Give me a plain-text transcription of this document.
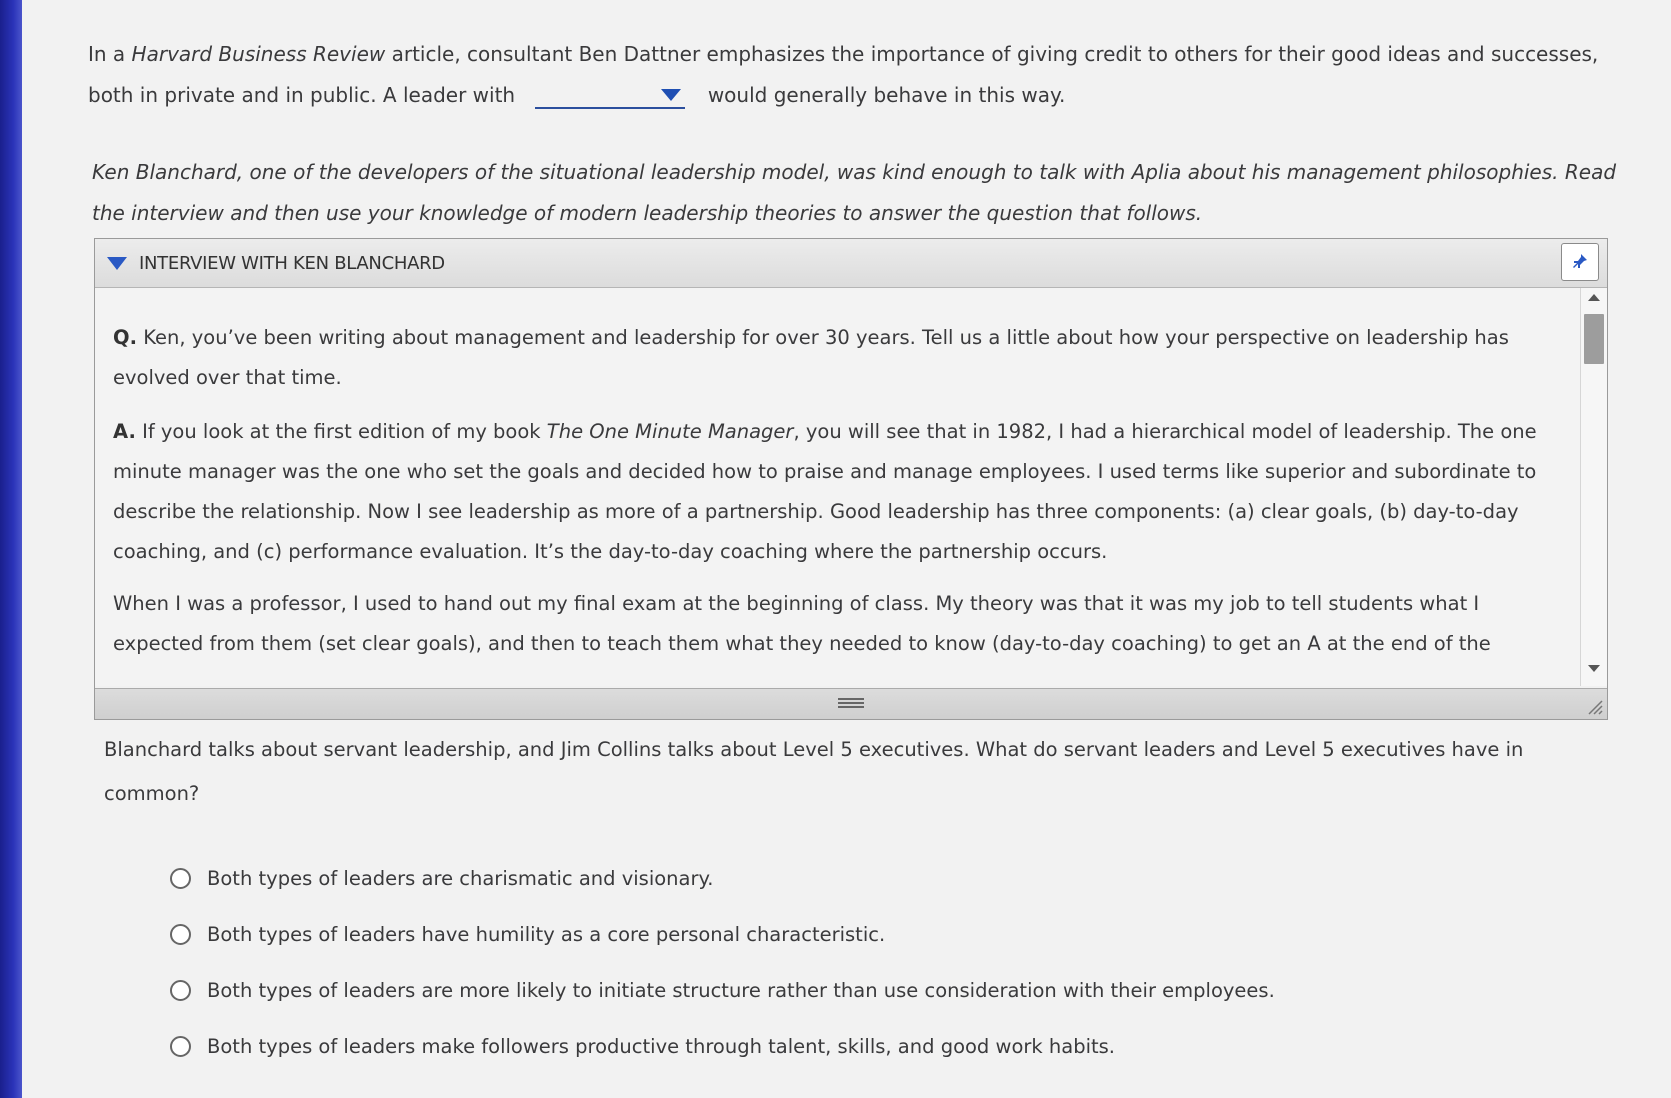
In a Harvard Business Review article, consultant Ben Dattner emphasizes the importance of giving credit to others for their good ideas and successes, both in private and in public. A leader with	would generally behave in this way.
Ken Blanchard, one of the developers of the situational leadership model, was kind enough to talk with Aplia about his management philosophies. Read the interview and then use your knowledge of modern leadership theories to answer the question that follows.
INTERVIEW WITH KEN BLANCHARD

Q. Ken, you’ve been writing about management and leadership for over 30 years. Tell us a little about how your perspective on leadership has evolved over that time.

A. If you look at the first edition of my book The One Minute Manager, you will see that in 1982, I had a hierarchical model of leadership. The one minute manager was the one who set the goals and decided how to praise and manage employees. I used terms like superior and subordinate to describe the relationship. Now I see leadership as more of a partnership. Good leadership has three components: (a) clear goals, (b) day-to-day coaching, and (c) performance evaluation. It’s the day-to-day coaching where the partnership occurs.

When I was a professor, I used to hand out my final exam at the beginning of class. My theory was that it was my job to tell students what I expected from them (set clear goals), and then to teach them what they needed to know (day-to-day coaching) to get an A at the end of the

Blanchard talks about servant leadership, and Jim Collins talks about Level 5 executives. What do servant leaders and Level 5 executives have in common?
Both types of leaders are charismatic and visionary.
Both types of leaders have humility as a core personal characteristic.
Both types of leaders are more likely to initiate structure rather than use consideration with their employees.
Both types of leaders make followers productive through talent, skills, and good work habits.
